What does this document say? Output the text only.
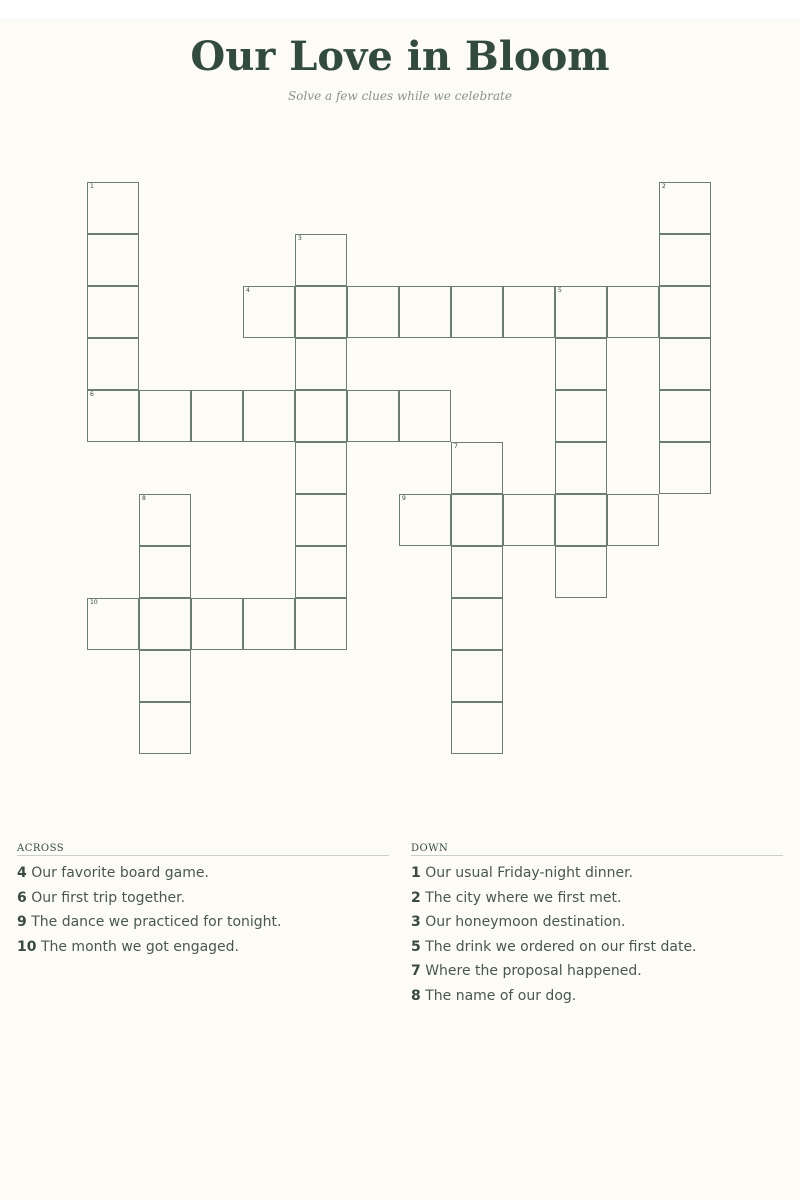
Our Love in Bloom
Solve a few clues while we celebrate
1
6
2
3
4	5
7
9
8
10
ACROSS
4 Our favorite board game.
6 Our first trip together.
9 The dance we practiced for tonight.
10 The month we got engaged.
DOWN
1 Our usual Friday-night dinner.
2 The city where we first met.
3 Our honeymoon destination.
5 The drink we ordered on our first date.
7 Where the proposal happened.
8 The name of our dog.
